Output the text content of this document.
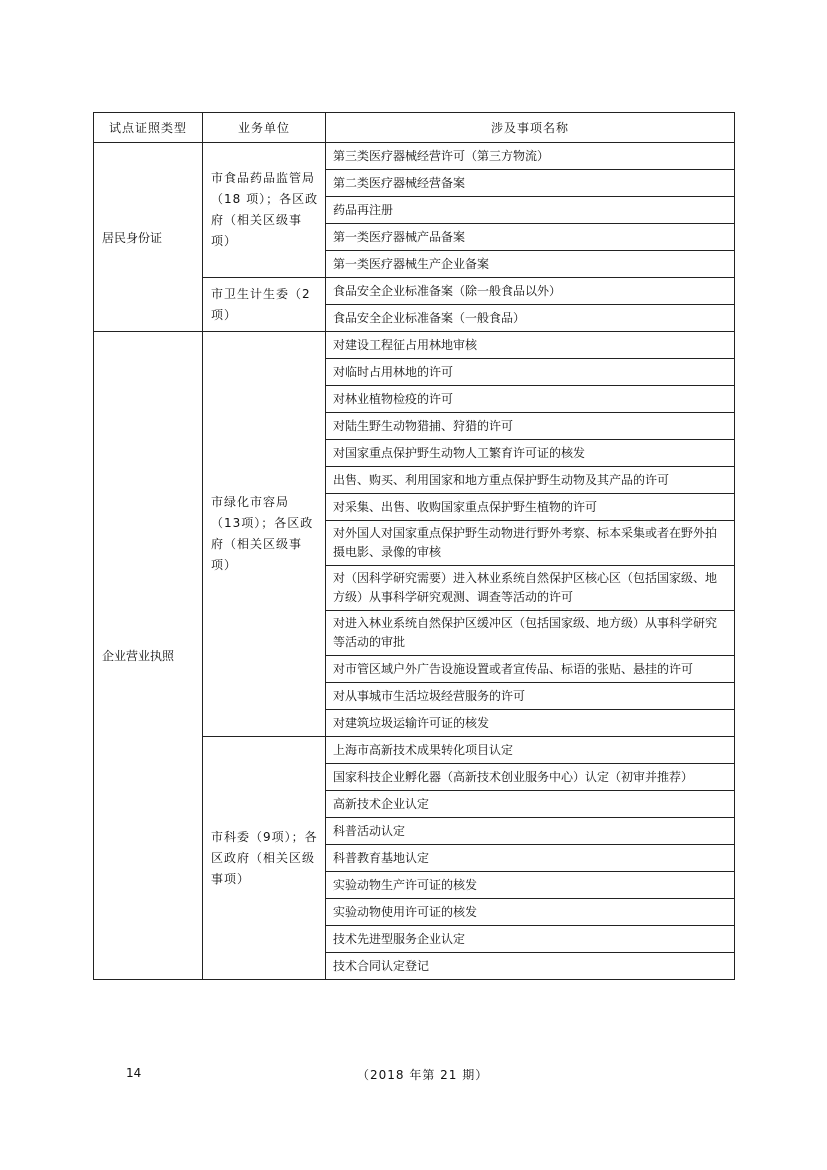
试点证照类型	业务单位	涉及事项名称
居民身份证	市食品药品监管局（18 项）；各区政府（相关区级事项）	第三类医疗器械经营许可（第三方物流）
		第二类医疗器械经营备案
		药品再注册
		第一类医疗器械产品备案
		第一类医疗器械生产企业备案
	市卫生计生委（2项）	食品安全企业标准备案（除一般食品以外）
		食品安全企业标准备案（一般食品）
企业营业执照	市绿化市容局（13项）；各区政府（相关区级事项）	对建设工程征占用林地审核
		对临时占用林地的许可
		对林业植物检疫的许可
		对陆生野生动物猎捕、狩猎的许可
		对国家重点保护野生动物人工繁育许可证的核发
		出售、购买、利用国家和地方重点保护野生动物及其产品的许可
		对采集、出售、收购国家重点保护野生植物的许可
		对外国人对国家重点保护野生动物进行野外考察、标本采集或者在野外拍摄电影、录像的审核
		对（因科学研究需要）进入林业系统自然保护区核心区（包括国家级、地方级）从事科学研究观测、调查等活动的许可
		对进入林业系统自然保护区缓冲区（包括国家级、地方级）从事科学研究等活动的审批
		对市管区域户外广告设施设置或者宣传品、标语的张贴、悬挂的许可
		对从事城市生活垃圾经营服务的许可
		对建筑垃圾运输许可证的核发
	市科委（9项）；各区政府（相关区级事项）	上海市高新技术成果转化项目认定
		国家科技企业孵化器（高新技术创业服务中心）认定（初审并推荐）
		高新技术企业认定
		科普活动认定
		科普教育基地认定
		实验动物生产许可证的核发
		实验动物使用许可证的核发
		技术先进型服务企业认定
		技术合同认定登记
14	（2018 年第 21 期）
